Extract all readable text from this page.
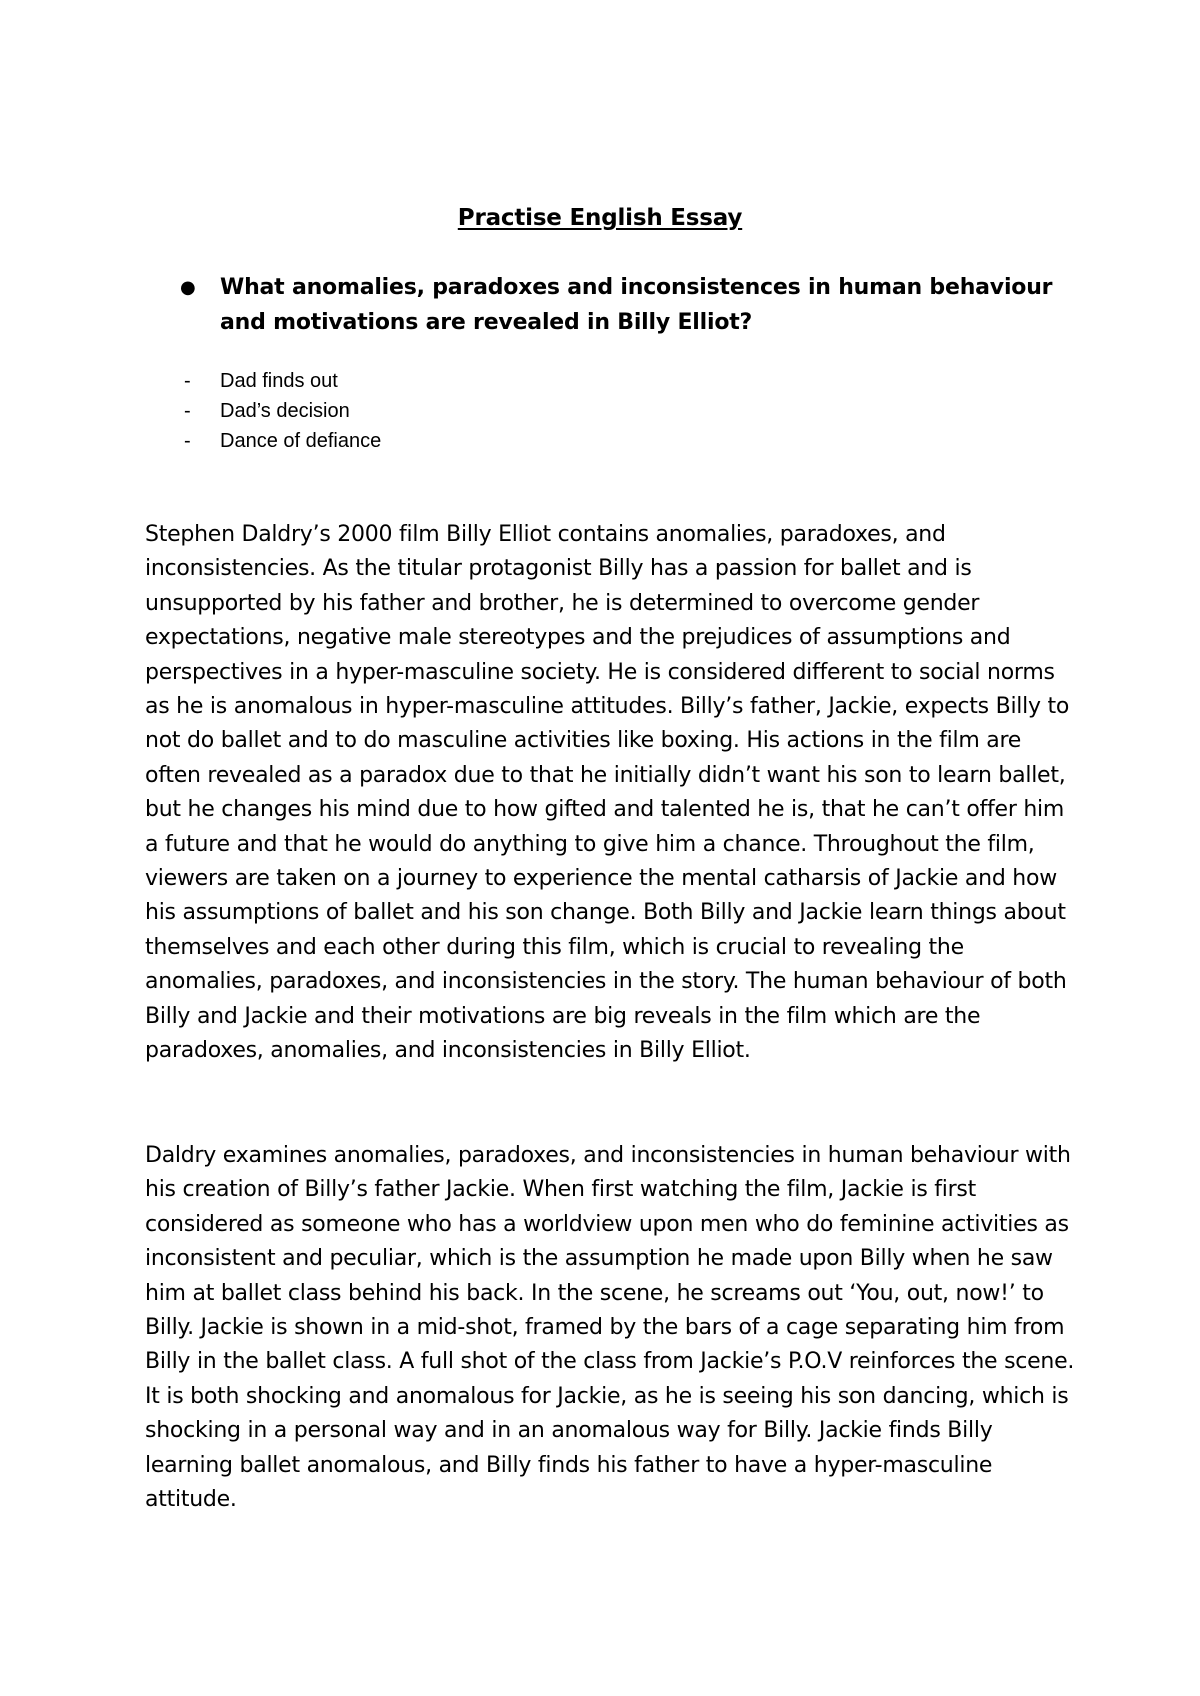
Practise English Essay
● What anomalies, paradoxes and inconsistences in human behaviour and motivations are revealed in Billy Elliot?

- Dad finds out
- Dad’s decision
- Dance of defiance

Stephen Daldry’s 2000 film Billy Elliot contains anomalies, paradoxes, and inconsistencies. As the titular protagonist Billy has a passion for ballet and is unsupported by his father and brother, he is determined to overcome gender expectations, negative male stereotypes and the prejudices of assumptions and perspectives in a hyper-masculine society. He is considered different to social norms as he is anomalous in hyper-masculine attitudes. Billy’s father, Jackie, expects Billy to not do ballet and to do masculine activities like boxing. His actions in the film are often revealed as a paradox due to that he initially didn’t want his son to learn ballet, but he changes his mind due to how gifted and talented he is, that he can’t offer him a future and that he would do anything to give him a chance. Throughout the film, viewers are taken on a journey to experience the mental catharsis of Jackie and how his assumptions of ballet and his son change. Both Billy and Jackie learn things about themselves and each other during this film, which is crucial to revealing the anomalies, paradoxes, and inconsistencies in the story. The human behaviour of both Billy and Jackie and their motivations are big reveals in the film which are the paradoxes, anomalies, and inconsistencies in Billy Elliot.

Daldry examines anomalies, paradoxes, and inconsistencies in human behaviour with his creation of Billy’s father Jackie. When first watching the film, Jackie is first considered as someone who has a worldview upon men who do feminine activities as inconsistent and peculiar, which is the assumption he made upon Billy when he saw him at ballet class behind his back. In the scene, he screams out ‘You, out, now!’ to Billy. Jackie is shown in a mid-shot, framed by the bars of a cage separating him from Billy in the ballet class. A full shot of the class from Jackie’s P.O.V reinforces the scene. It is both shocking and anomalous for Jackie, as he is seeing his son dancing, which is shocking in a personal way and in an anomalous way for Billy. Jackie finds Billy learning ballet anomalous, and Billy finds his father to have a hyper-masculine attitude.
